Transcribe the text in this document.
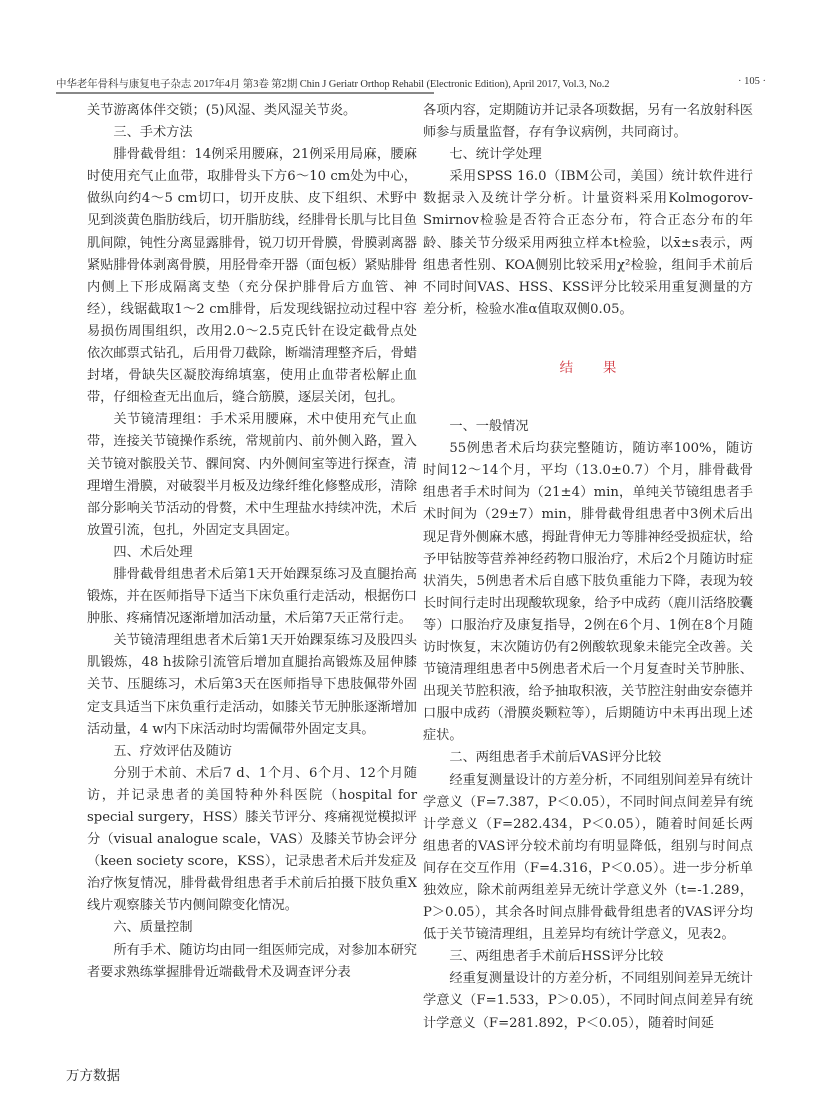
中华老年骨科与康复电子杂志 2017年4月 第3卷 第2期 Chin J Geriatr Orthop Rehabil (Electronic Edition), April 2017, Vol.3, No.2	· 105 ·

关节游离体伴交锁；(5)风湿、类风湿关节炎。

三、手术方法

腓骨截骨组：14例采用腰麻，21例采用局麻，腰麻时使用充气止血带，取腓骨头下方6～10 cm处为中心，做纵向约4～5 cm切口，切开皮肤、皮下组织、术野中见到淡黄色脂肪线后，切开脂肪线，经腓骨长肌与比目鱼肌间隙，钝性分离显露腓骨，锐刀切开骨膜，骨膜剥离器紧贴腓骨体剥离骨膜，用胫骨牵开器（面包板）紧贴腓骨内侧上下形成隔离支垫（充分保护腓骨后方血管、神经），线锯截取1～2 cm腓骨，后发现线锯拉动过程中容易损伤周围组织，改用2.0～2.5克氏针在设定截骨点处依次邮票式钻孔，后用骨刀截除，断端清理整齐后，骨蜡封堵，骨缺失区凝胶海绵填塞，使用止血带者松解止血带，仔细检查无出血后，缝合筋膜，逐层关闭，包扎。

关节镜清理组：手术采用腰麻，术中使用充气止血带，连接关节镜操作系统，常规前内、前外侧入路，置入关节镜对髌股关节、髁间窝、内外侧间室等进行探查，清理增生滑膜，对破裂半月板及边缘纤维化修整成形，清除部分影响关节活动的骨赘，术中生理盐水持续冲洗，术后放置引流，包扎，外固定支具固定。

四、术后处理

腓骨截骨组患者术后第1天开始踝泵练习及直腿抬高锻炼，并在医师指导下适当下床负重行走活动，根据伤口肿胀、疼痛情况逐渐增加活动量，术后第7天正常行走。

关节镜清理组患者术后第1天开始踝泵练习及股四头肌锻炼，48 h拔除引流管后增加直腿抬高锻炼及屈伸膝关节、压腿练习，术后第3天在医师指导下患肢佩带外固定支具适当下床负重行走活动，如膝关节无肿胀逐渐增加活动量，4 w内下床活动时均需佩带外固定支具。

五、疗效评估及随访

分别于术前、术后7 d、1个月、6个月、12个月随访，并记录患者的美国特种外科医院（hospital for special surgery，HSS）膝关节评分、疼痛视觉模拟评分（visual analogue scale，VAS）及膝关节协会评分（keen society score，KSS），记录患者术后并发症及治疗恢复情况，腓骨截骨组患者手术前后拍摄下肢负重X线片观察膝关节内侧间隙变化情况。

六、质量控制

所有手术、随访均由同一组医师完成，对参加本研究者要求熟练掌握腓骨近端截骨术及调查评分表

各项内容，定期随访并记录各项数据，另有一名放射科医师参与质量监督，存有争议病例，共同商讨。

七、统计学处理

采用SPSS 16.0（IBM公司，美国）统计软件进行数据录入及统计学分析。计量资料采用Kolmogorov-Smirnov检验是否符合正态分布，符合正态分布的年龄、膝关节分级采用两独立样本t检验，以x̄±s表示，两组患者性别、KOA侧别比较采用χ²检验，组间手术前后不同时间VAS、HSS、KSS评分比较采用重复测量的方差分析，检验水准α值取双侧0.05。

结果

一、一般情况

55例患者术后均获完整随访，随访率100%，随访时间12～14个月，平均（13.0±0.7）个月，腓骨截骨组患者手术时间为（21±4）min，单纯关节镜组患者手术时间为（29±7）min，腓骨截骨组患者中3例术后出现足背外侧麻木感，拇趾背伸无力等腓神经受损症状，给予甲钴胺等营养神经药物口服治疗，术后2个月随访时症状消失，5例患者术后自感下肢负重能力下降，表现为较长时间行走时出现酸软现象，给予中成药（鹿川活络胶囊等）口服治疗及康复指导，2例在6个月、1例在8个月随访时恢复，末次随访仍有2例酸软现象未能完全改善。关节镜清理组患者中5例患者术后一个月复查时关节肿胀、出现关节腔积液，给予抽取积液，关节腔注射曲安奈德并口服中成药（滑膜炎颗粒等），后期随访中未再出现上述症状。

二、两组患者手术前后VAS评分比较

经重复测量设计的方差分析，不同组别间差异有统计学意义（F=7.387，P＜0.05），不同时间点间差异有统计学意义（F=282.434，P＜0.05），随着时间延长两组患者的VAS评分较术前均有明显降低，组别与时间点间存在交互作用（F=4.316，P＜0.05）。进一步分析单独效应，除术前两组差异无统计学意义外（t=-1.289，P＞0.05），其余各时间点腓骨截骨组患者的VAS评分均低于关节镜清理组，且差异均有统计学意义，见表2。

三、两组患者手术前后HSS评分比较

经重复测量设计的方差分析，不同组别间差异无统计学意义（F=1.533，P＞0.05），不同时间点间差异有统计学意义（F=281.892，P＜0.05），随着时间延

万方数据
